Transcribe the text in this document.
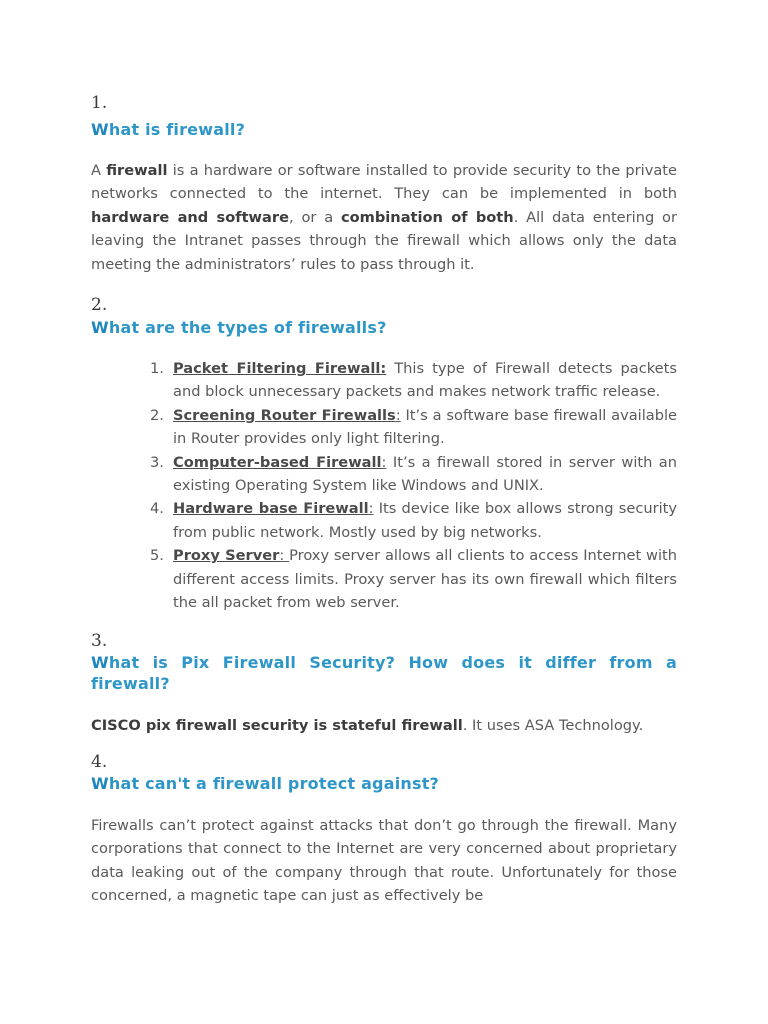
1.

What is firewall?

A firewall is a hardware or software installed to provide security to the private networks connected to the internet. They can be implemented in both hardware and software, or a combination of both. All data entering or leaving the Intranet passes through the firewall which allows only the data meeting the administrators’ rules to pass through it.

2.

What are the types of firewalls?
1. Packet Filtering Firewall: This type of Firewall detects packets and block unnecessary packets and makes network traffic release.
2. Screening Router Firewalls: It’s a software base firewall available in Router provides only light filtering.
3. Computer-based Firewall: It’s a firewall stored in server with an existing Operating System like Windows and UNIX.
4. Hardware base Firewall: Its device like box allows strong security from public network. Mostly used by big networks.
5. Proxy Server: Proxy server allows all clients to access Internet with different access limits. Proxy server has its own firewall which filters the all packet from web server.

3.

What is Pix Firewall Security? How does it differ from a firewall?

CISCO pix firewall security is stateful firewall. It uses ASA Technology.

4.

What can't a firewall protect against?

Firewalls can’t protect against attacks that don’t go through the firewall. Many corporations that connect to the Internet are very concerned about proprietary data leaking out of the company through that route. Unfortunately for those concerned, a magnetic tape can just as effectively be
